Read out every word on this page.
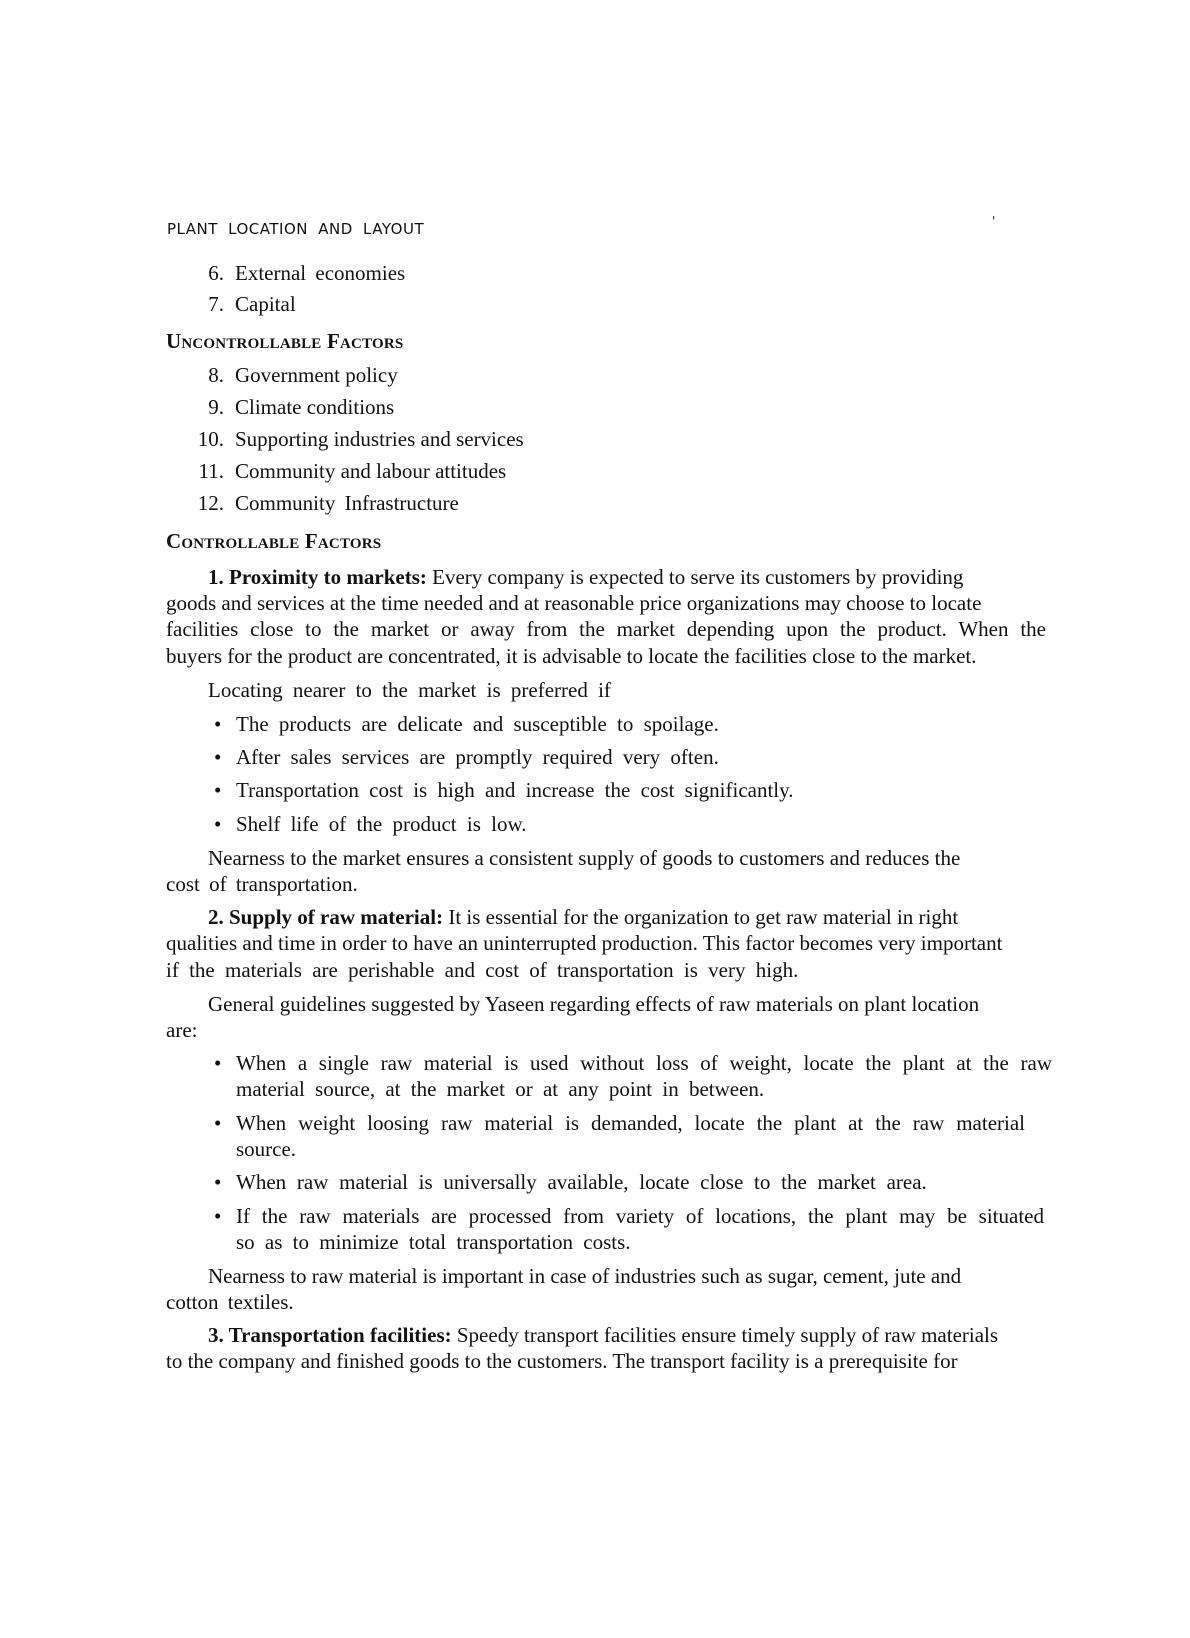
PLANT LOCATION AND LAYOUT	'
6. External economies
7. Capital
Uncontrollable Factors
8. Government policy
9. Climate conditions
10. Supporting industries and services
11. Community and labour attitudes
12. Community Infrastructure
Controllable Factors
1. Proximity to markets: Every company is expected to serve its customers by providing
goods and services at the time needed and at reasonable price organizations may choose to locate
facilities close to the market or away from the market depending upon the product. When the
buyers for the product are concentrated, it is advisable to locate the facilities close to the market.
Locating nearer to the market is preferred if
• The products are delicate and susceptible to spoilage.
• After sales services are promptly required very often.
• Transportation cost is high and increase the cost significantly.
• Shelf life of the product is low.
Nearness to the market ensures a consistent supply of goods to customers and reduces the
cost of transportation.
2. Supply of raw material: It is essential for the organization to get raw material in right
qualities and time in order to have an uninterrupted production. This factor becomes very important
if the materials are perishable and cost of transportation is very high.
General guidelines suggested by Yaseen regarding effects of raw materials on plant location
are:
• When a single raw material is used without loss of weight, locate the plant at the raw
material source, at the market or at any point in between.
• When weight loosing raw material is demanded, locate the plant at the raw material
source.
• When raw material is universally available, locate close to the market area.
• If the raw materials are processed from variety of locations, the plant may be situated
so as to minimize total transportation costs.
Nearness to raw material is important in case of industries such as sugar, cement, jute and
cotton textiles.
3. Transportation facilities: Speedy transport facilities ensure timely supply of raw materials
to the company and finished goods to the customers. The transport facility is a prerequisite for
